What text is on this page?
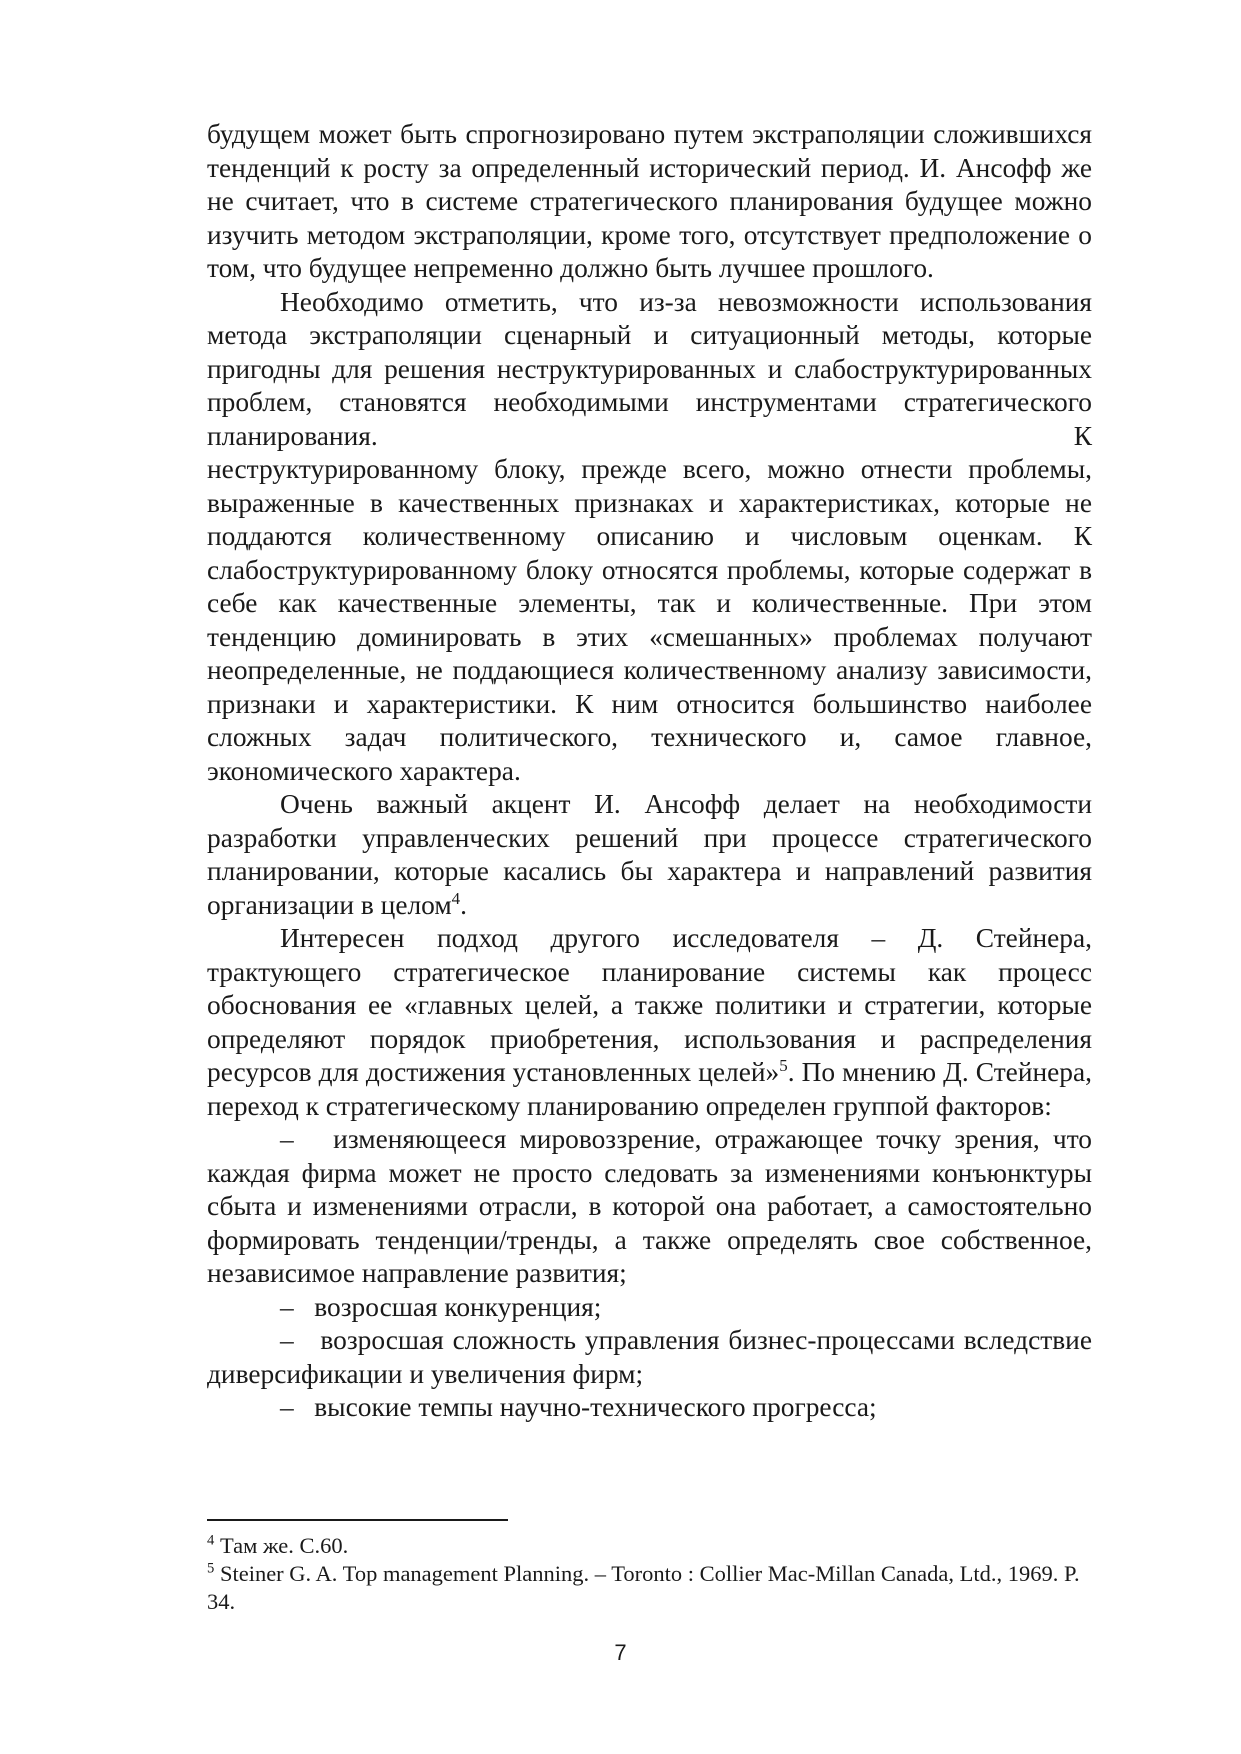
будущем может быть спрогнозировано путем экстраполяции сложившихся тенденций к росту за определенный исторический период. И. Ансофф же не считает, что в системе стратегического планирования будущее можно изучить методом экстраполяции, кроме того, отсутствует предположение о том, что будущее непременно должно быть лучшее прошлого.

Необходимо отметить, что из-за невозможности использования метода экстраполяции сценарный и ситуационный методы, которые пригодны для решения неструктурированных и слабоструктурированных проблем, становятся необходимыми инструментами стратегического планирования. К

неструктурированному блоку, прежде всего, можно отнести проблемы, выраженные в качественных признаках и характеристиках, которые не поддаются количественному описанию и числовым оценкам. К слабоструктурированному блоку относятся проблемы, которые содержат в себе как качественные элементы, так и количественные. При этом тенденцию доминировать в этих «смешанных» проблемах получают неопределенные, не поддающиеся количественному анализу зависимости, признаки и характеристики. К ним относится большинство наиболее сложных задач политического, технического и, самое главное, экономического характера.

Очень важный акцент И. Ансофф делает на необходимости разработки управленческих решений при процессе стратегического планировании, которые касались бы характера и направлений развития организации в целом$^4$.

Интересен подход другого исследователя – Д. Стейнера, трактующего стратегическое планирование системы как процесс обоснования ее «главных целей, а также политики и стратегии, которые определяют порядок приобретения, использования и распределения ресурсов для достижения установленных целей»$^5$. По мнению Д. Стейнера, переход к стратегическому планированию определен группой факторов:

– изменяющееся мировоззрение, отражающее точку зрения, что каждая фирма может не просто следовать за изменениями конъюнктуры сбыта и изменениями отрасли, в которой она работает, а самостоятельно формировать тенденции/тренды, а также определять свое собственное, независимое направление развития;

– возросшая конкуренция;

– возросшая сложность управления бизнес-процессами вследствие диверсификации и увеличения фирм;

– высокие темпы научно-технического прогресса;

$^4$ Там же. С.60.

$^5$ Steiner G. A. Top management Planning. – Toronto : Collier Mac-Millan Canada, Ltd., 1969. P. 34.

7
